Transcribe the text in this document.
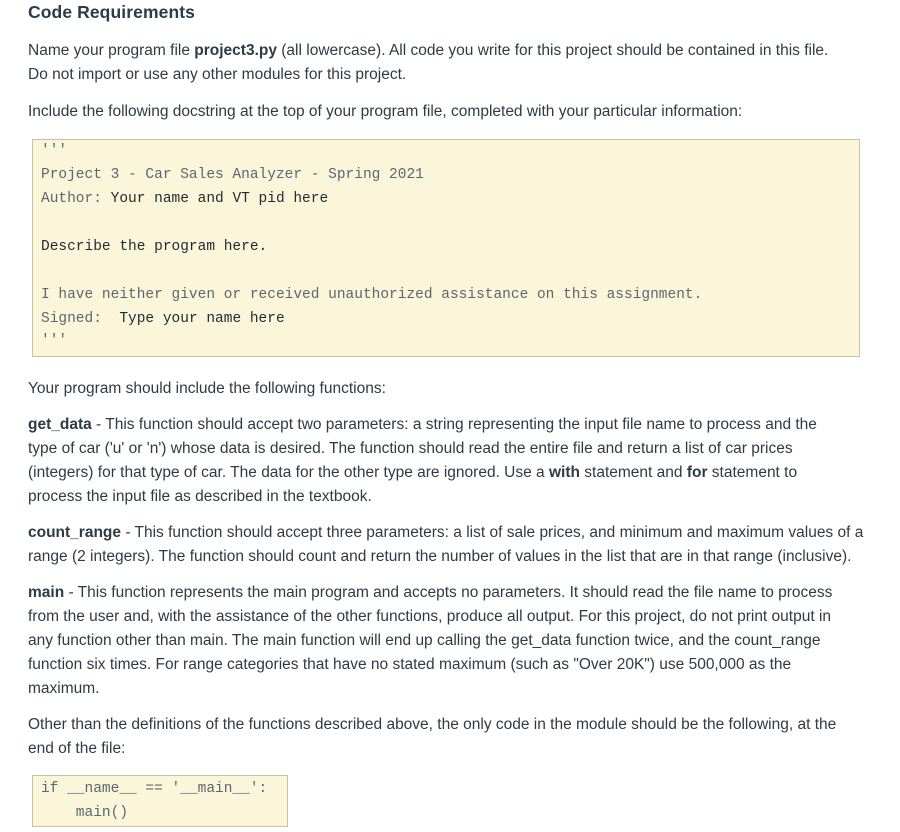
Code Requirements

Name your program file project3.py (all lowercase). All code you write for this project should be contained in this file.
Do not import or use any other modules for this project.

Include the following docstring at the top of your program file, completed with your particular information:

'''
Project 3 - Car Sales Analyzer - Spring 2021
Author: Your name and VT pid here
Describe the program here.
I have neither given or received unauthorized assistance on this assignment.
Signed:  Type your name here
'''

Your program should include the following functions:

get_data - This function should accept two parameters: a string representing the input file name to process and the
type of car ('u' or 'n') whose data is desired. The function should read the entire file and return a list of car prices
(integers) for that type of car. The data for the other type are ignored. Use a with statement and for statement to
process the input file as described in the textbook.

count_range - This function should accept three parameters: a list of sale prices, and minimum and maximum values of a
range (2 integers). The function should count and return the number of values in the list that are in that range (inclusive).

main - This function represents the main program and accepts no parameters. It should read the file name to process
from the user and, with the assistance of the other functions, produce all output. For this project, do not print output in
any function other than main. The main function will end up calling the get_data function twice, and the count_range
function six times. For range categories that have no stated maximum (such as "Over 20K") use 500,000 as the
maximum.

Other than the definitions of the functions described above, the only code in the module should be the following, at the
end of the file:

if __name__ == '__main__':
main()
